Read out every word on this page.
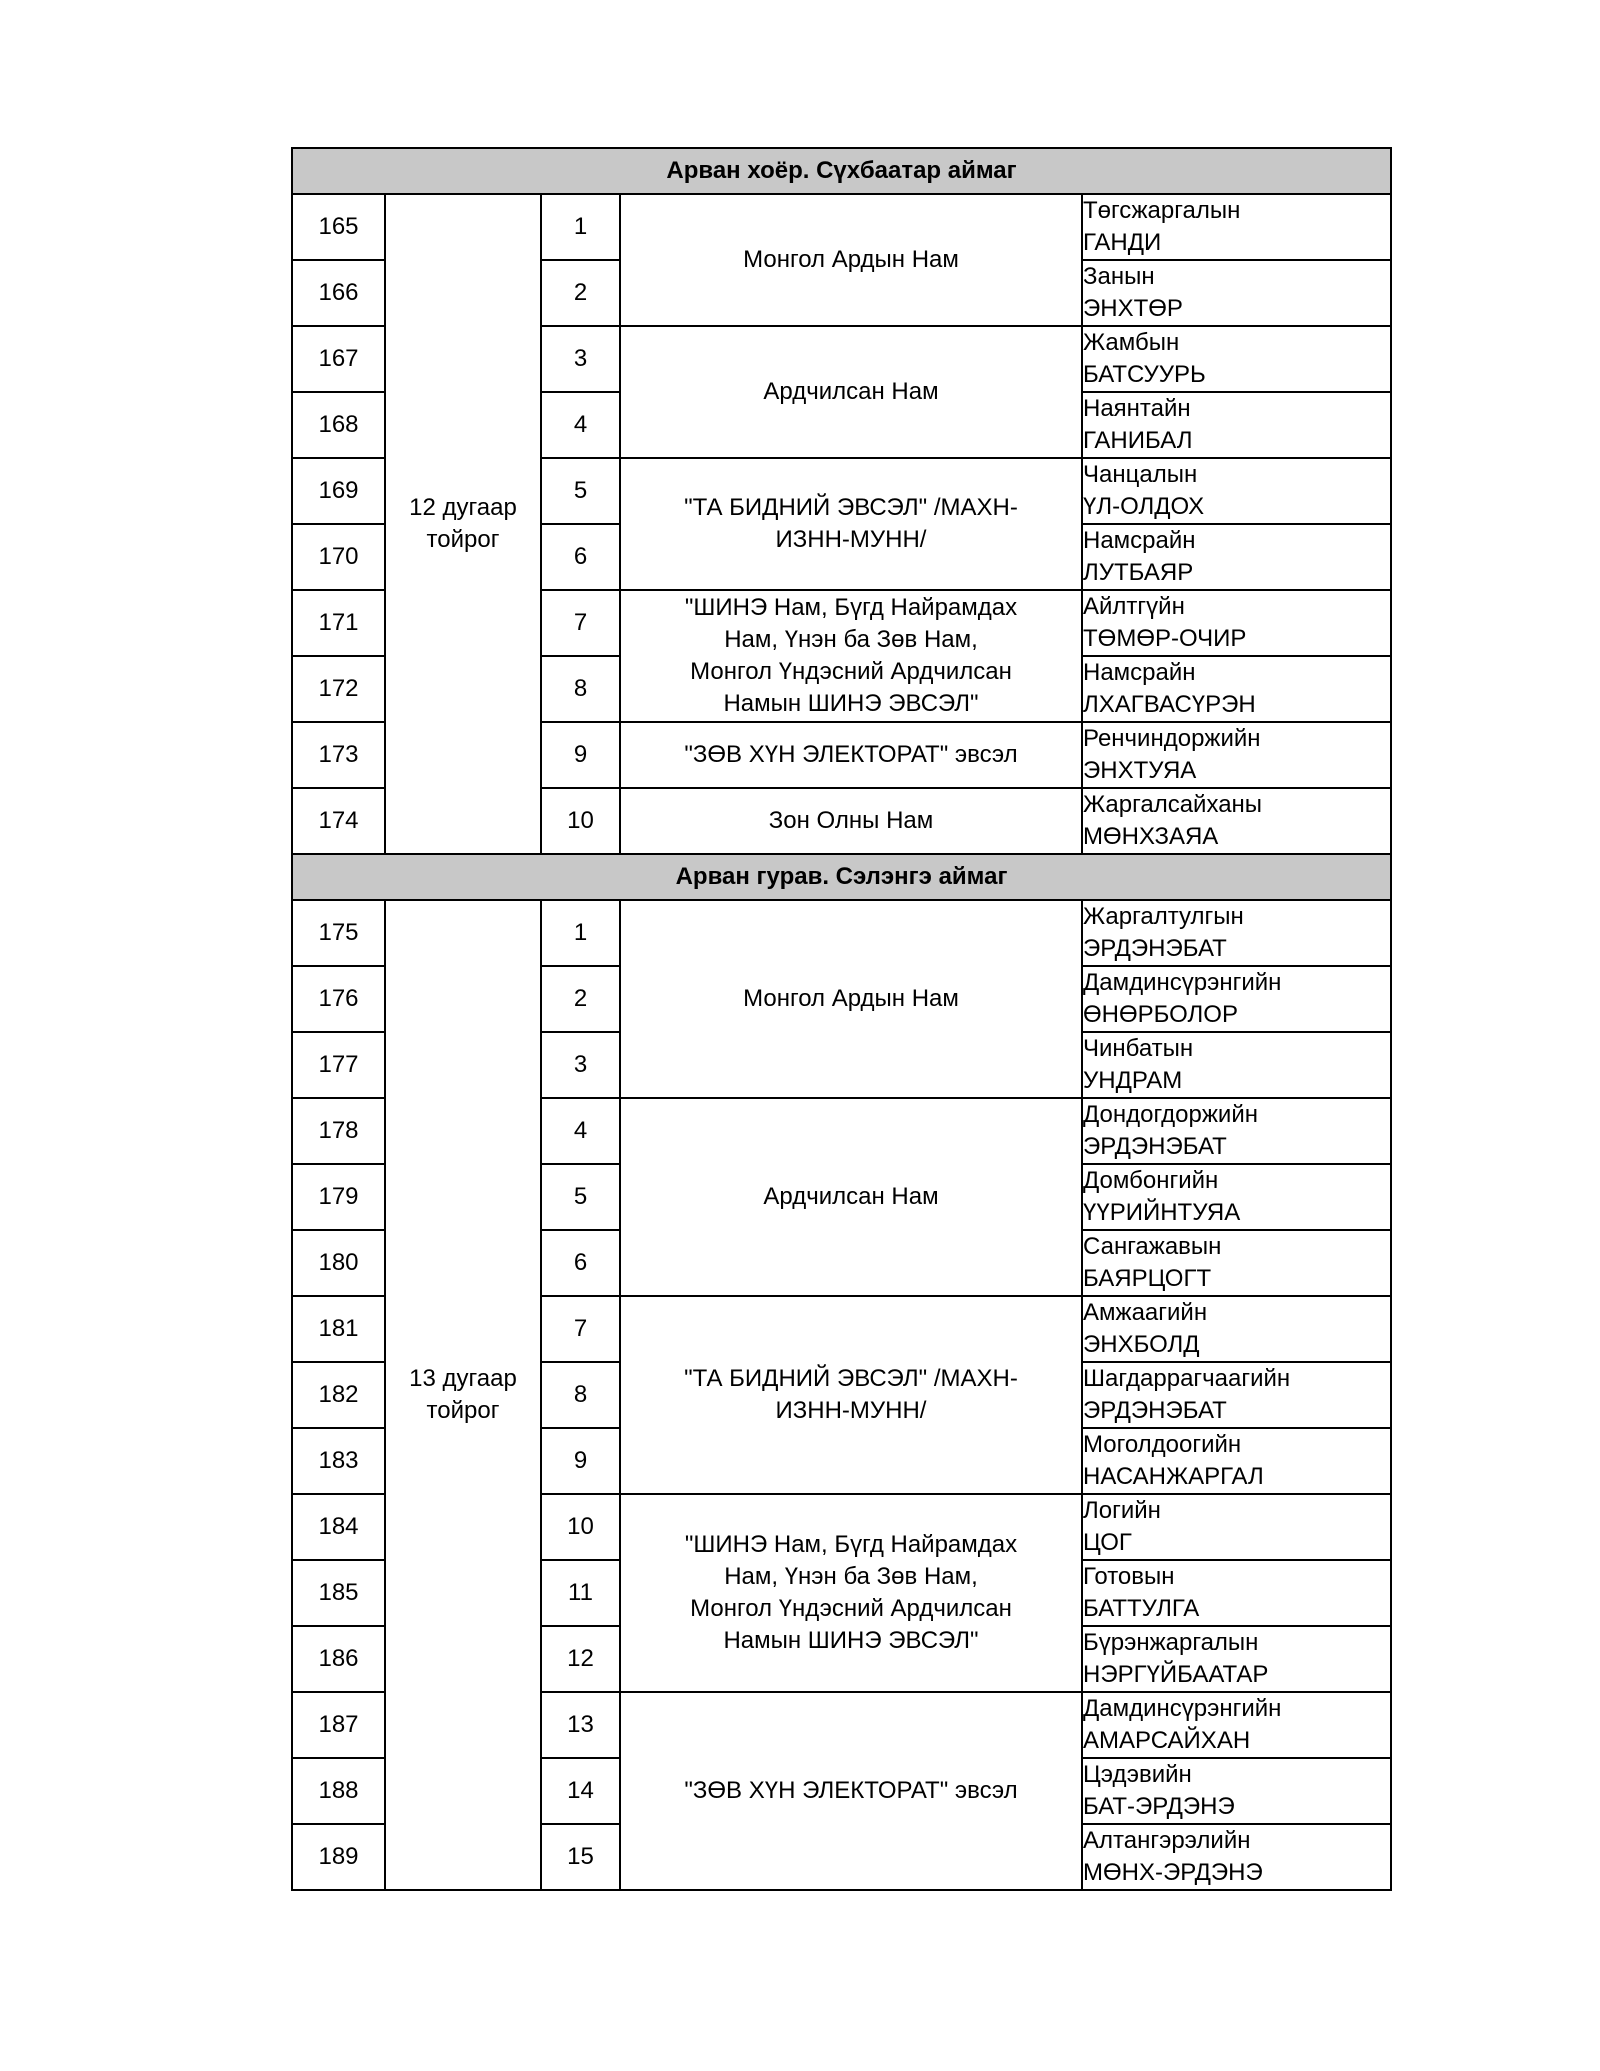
Арван хоёр. Сүхбаатар аймаг				
165	12 дугаар тойрог	1	Монгол Ардын Нам	Төгсжаргалын
ГАНДИ

166		2		Занын
ЭНХТӨР

167		3	Ардчилсан Нам	Жамбын
БАТСУУРЬ

168		4		Наянтайн
ГАНИБАЛ

169		5	"ТА БИДНИЙ ЭВСЭЛ" /МАХН-ИЗНН-МУНН/	Чанцалын
ҮЛ-ОЛДОХ

170		6		Намсрайн
ЛУТБАЯР

171		7	"ШИНЭ Нам, Бүгд Найрамдах Нам, Үнэн ба Зөв Нам, Монгол Үндэсний Ардчилсан Намын ШИНЭ ЭВСЭЛ"	Айлтгүйн
ТӨМӨР-ОЧИР

172		8		Намсрайн
ЛХАГВАСҮРЭН

173		9	"ЗӨВ ХҮН ЭЛЕКТОРАТ" эвсэл	Ренчиндоржийн
ЭНХТУЯА

174		10	Зон Олны Нам	Жаргалсайханы
МӨНХЗАЯА

Арван гурав. Сэлэнгэ аймаг				
175	13 дугаар тойрог	1	Монгол Ардын Нам	Жаргалтулгын
ЭРДЭНЭБАТ

176		2		Дамдинсүрэнгийн
ӨНӨРБОЛОР

177		3		Чинбатын
УНДРАМ

178		4	Ардчилсан Нам	Дондогдоржийн
ЭРДЭНЭБАТ

179		5		Домбонгийн
ҮҮРИЙНТУЯА

180		6		Сангажавын
БАЯРЦОГТ

181		7	"ТА БИДНИЙ ЭВСЭЛ" /МАХН-ИЗНН-МУНН/	Амжаагийн
ЭНХБОЛД

182		8		Шагдаррагчаагийн
ЭРДЭНЭБАТ

183		9		Моголдоогийн
НАСАНЖАРГАЛ

184		10	"ШИНЭ Нам, Бүгд Найрамдах Нам, Үнэн ба Зөв Нам, Монгол Үндэсний Ардчилсан Намын ШИНЭ ЭВСЭЛ"	Логийн
ЦОГ

185		11		Готовын
БАТТУЛГА

186		12		Бүрэнжаргалын
НЭРГҮЙБААТАР

187		13	"ЗӨВ ХҮН ЭЛЕКТОРАТ" эвсэл	Дамдинсүрэнгийн
АМАРСАЙХАН

188		14		Цэдэвийн
БАТ-ЭРДЭНЭ

189		15		Алтангэрэлийн
МӨНХ-ЭРДЭНЭ
